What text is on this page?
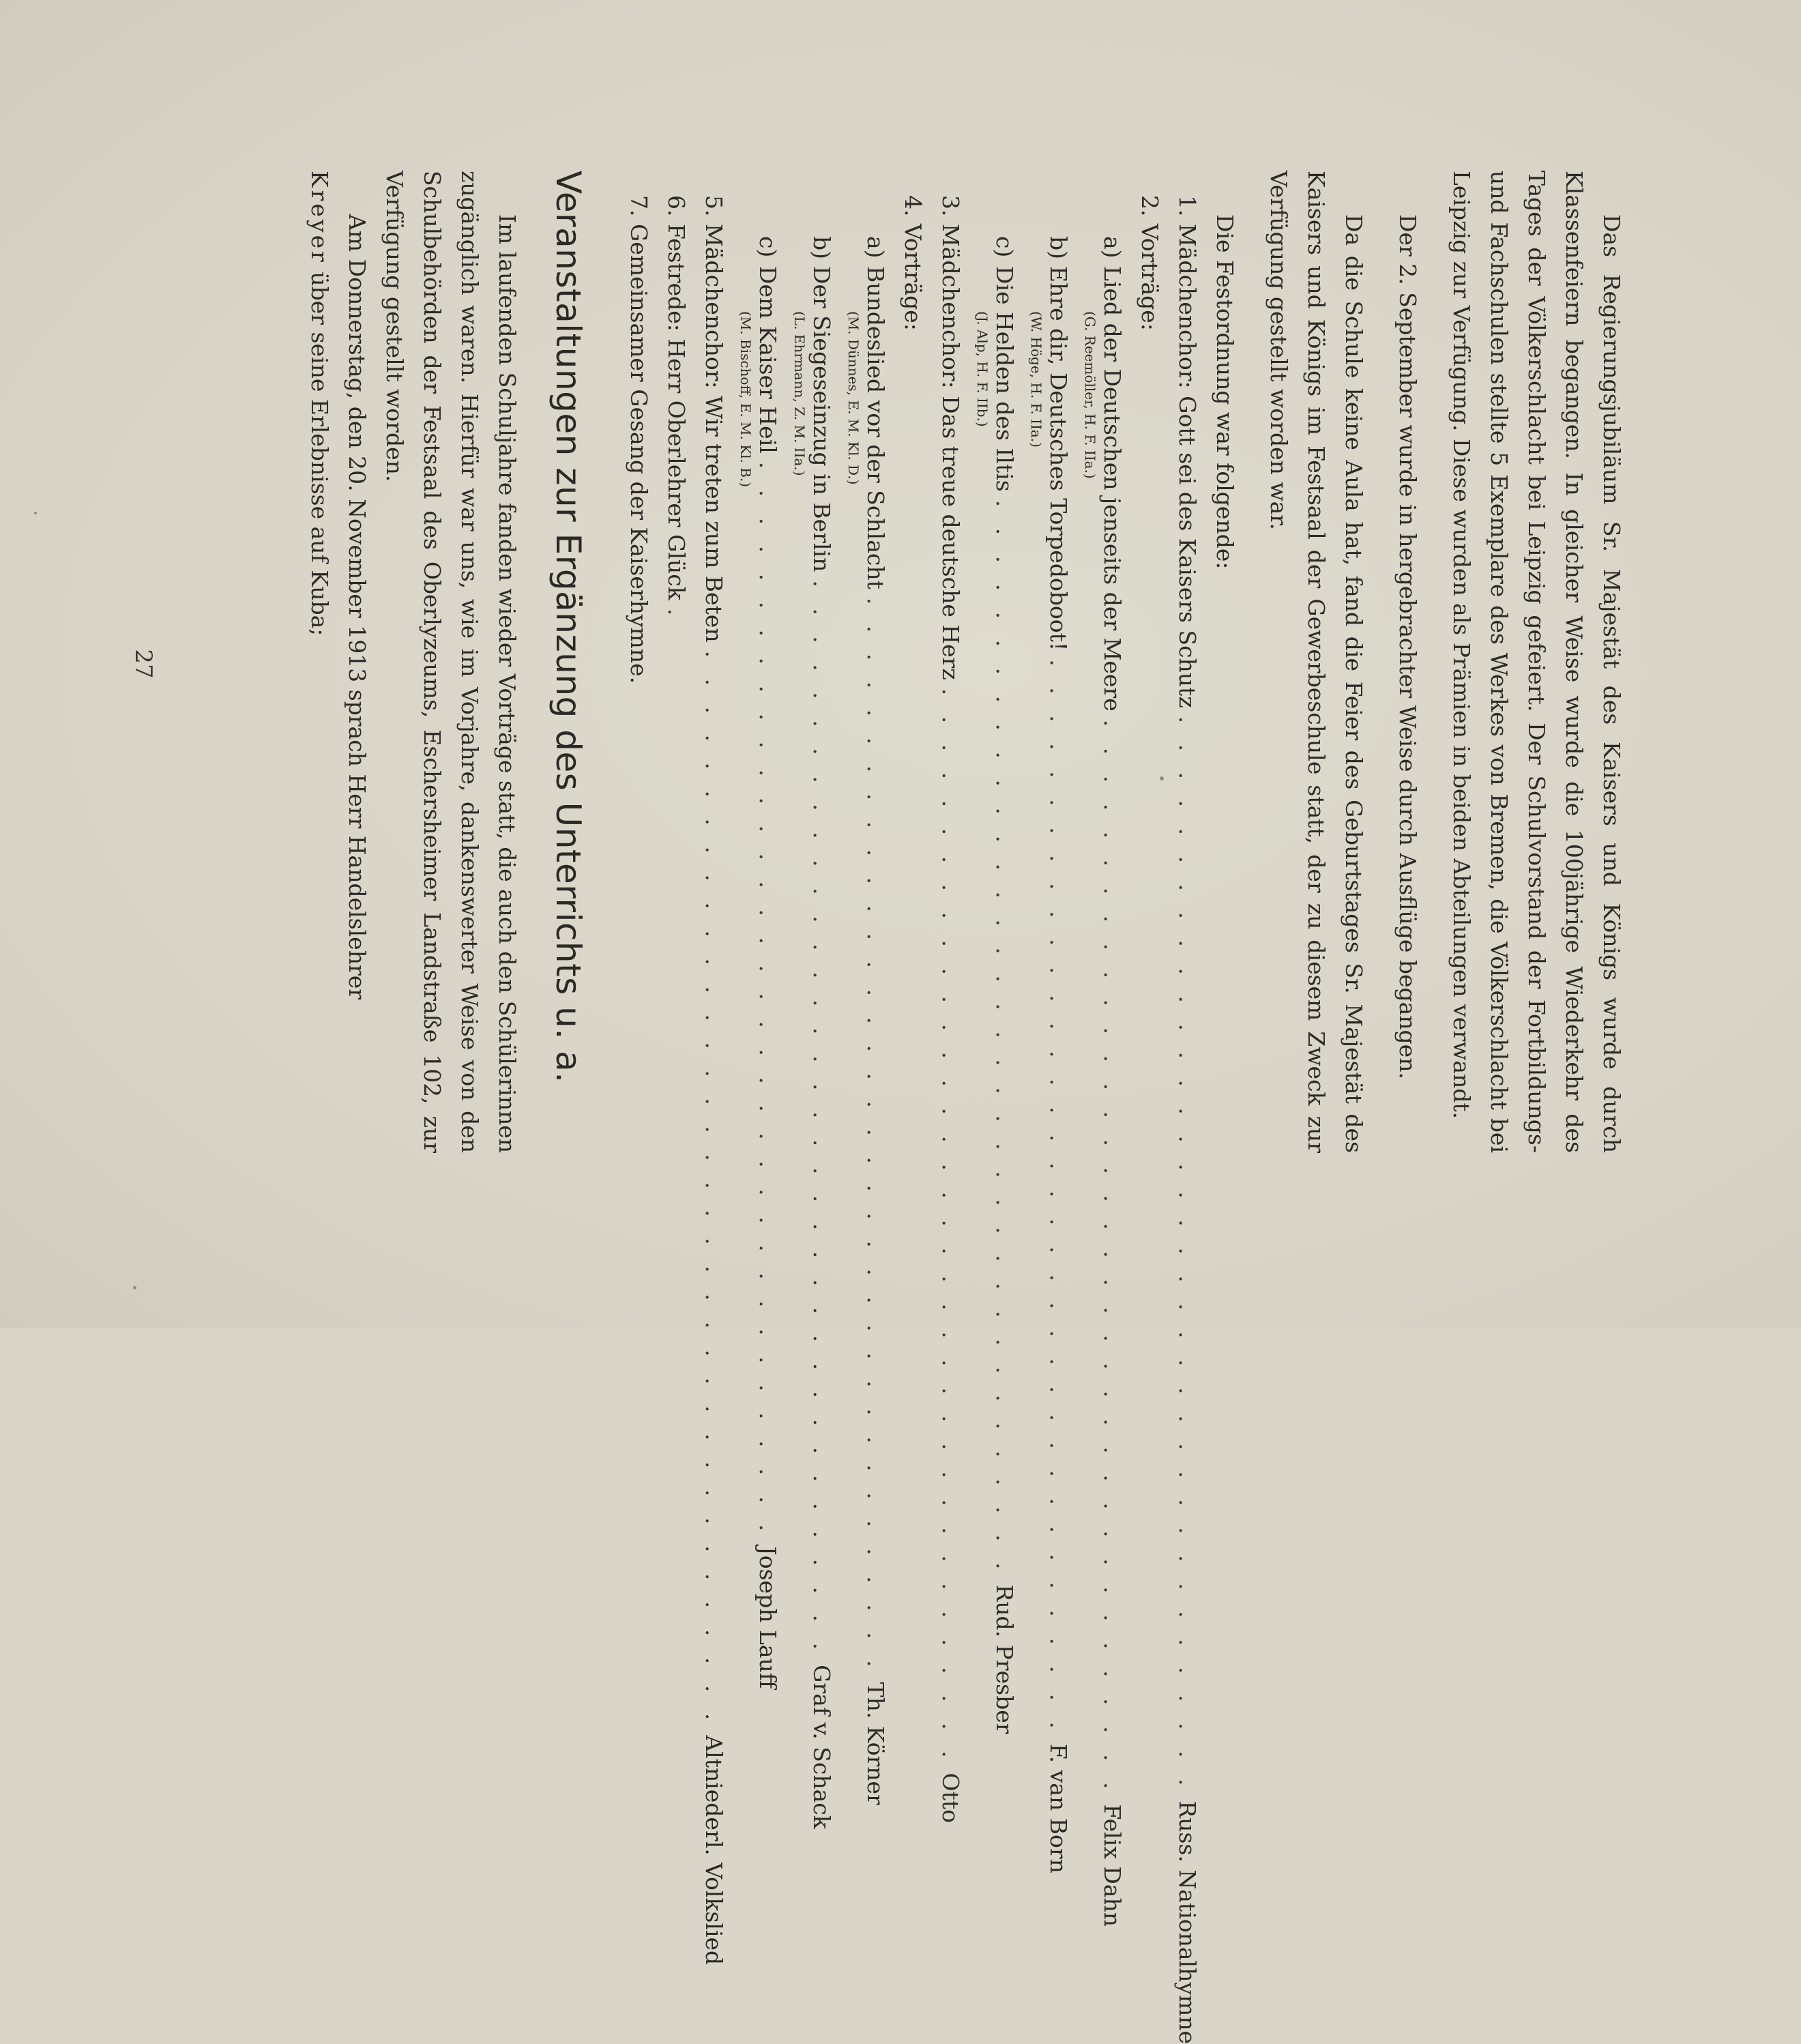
Das Regierungsjubiläum Sr. Majestät des Kaisers und Königs wurde durch Klassenfeiern begangen. In gleicher Weise wurde die 100jährige Wiederkehr des Tages der Völkerschlacht bei Leipzig gefeiert. Der Schulvorstand der Fortbildungs- und Fachschulen stellte 5 Exemplare des Werkes von Bremen, die Völkerschlacht bei Leipzig zur Verfügung. Diese wurden als Prämien in beiden Abteilungen verwandt.

Der 2. September wurde in hergebrachter Weise durch Ausflüge begangen.

Da die Schule keine Aula hat, fand die Feier des Geburtstages Sr. Majestät des Kaisers und Königs im Festsaal der Gewerbeschule statt, der zu diesem Zweck zur Verfügung gestellt worden war.

Die Festordnung war folgende:

1.
Mädchenchor: Gott sei des Kaisers Schutz
. . . . . . . . . . . . . . . . . . . . . . . . . . . . . . . . . . . . . . .
Russ. Nationalhymne
2.
Vorträge:
a)
Lied der Deutschen jenseits der Meere
. . . . . . . . . . . . . . . . . . . . . . . . . . . . . . . . . . . . . . .
Felix Dahn
(G. Reemöller, H. F. IIa.)
b)
Ehre dir, Deutsches Torpedoboot!
. . . . . . . . . . . . . . . . . . . . . . . . . . . . . . . . . . . . . . .
F. van Born
(W. Höge, H. F. IIa.)
c)
Die Helden des Iltis
. . . . . . . . . . . . . . . . . . . . . . . . . . . . . . . . . . . . . . .
Rud. Presber
(J. Alp, H. F. IIb.)
3.
Mädchenchor: Das treue deutsche Herz
. . . . . . . . . . . . . . . . . . . . . . . . . . . . . . . . . . . . . . .
Otto
4.
Vorträge:
a)
Bundeslied vor der Schlacht
. . . . . . . . . . . . . . . . . . . . . . . . . . . . . . . . . . . . . . .
Th. Körner
(M. Dünnes, E. M. Kl. D.)
b)
Der Siegeseinzug in Berlin
. . . . . . . . . . . . . . . . . . . . . . . . . . . . . . . . . . . . . . .
Graf v. Schack
(L. Ehrmann, Z. M. IIa.)
c)
Dem Kaiser Heil
. . . . . . . . . . . . . . . . . . . . . . . . . . . . . . . . . . . . . . .
Joseph Lauff
(M. Bischoff, E. M. Kl. B.)
5.
Mädchenchor: Wir treten zum Beten
. . . . . . . . . . . . . . . . . . . . . . . . . . . . . . . . . . . . . . .
Altniederl. Volkslied
6.
Festrede: Herr Oberlehrer Glück
.
7.
Gemeinsamer Gesang der Kaiserhymne.
Veranstaltungen zur Ergänzung des Unterrichts u. a.

Im laufenden Schuljahre fanden wieder Vorträge statt, die auch den Schülerinnen zugänglich waren. Hierfür war uns, wie im Vorjahre, dankenswerter Weise von den Schulbehörden der Festsaal des Oberlyzeums, Eschersheimer Landstraße 102, zur Verfügung gestellt worden.

Am Donnerstag, den 20. November 1913 sprach Herr Handelslehrer
Kreyer über seine Erlebnisse auf Kuba;

27
